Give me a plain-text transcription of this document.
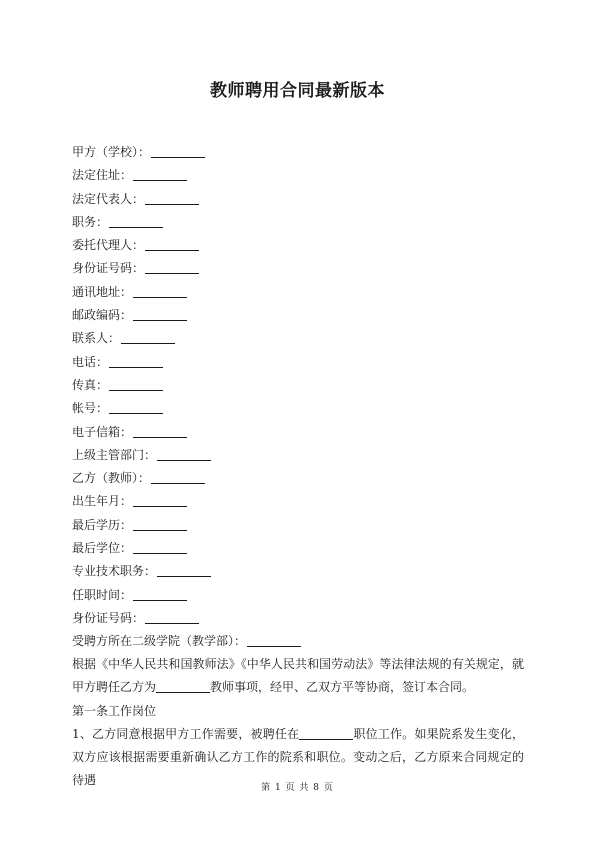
教师聘用合同最新版本
甲方（学校）：
法定住址：
法定代表人：
职务：
委托代理人：
身份证号码：
通讯地址：
邮政编码：
联系人：
电话：
传真：
帐号：
电子信箱：
上级主管部门：
乙方（教师）：
出生年月：
最后学历：
最后学位：
专业技术职务：
任职时间：
身份证号码：
受聘方所在二级学院（教学部）：
根据《中华人民共和国教师法》《中华人民共和国劳动法》等法律法规的有关规定，就甲方聘任乙方为	教师事项，经甲、乙双方平等协商，签订本合同。
第一条工作岗位
1、乙方同意根据甲方工作需要，被聘任在	职位工作。如果院系发生变化，双方应该根据需要重新确认乙方工作的院系和职位。变动之后，乙方原来合同规定的待遇
第 1 页 共 8 页
